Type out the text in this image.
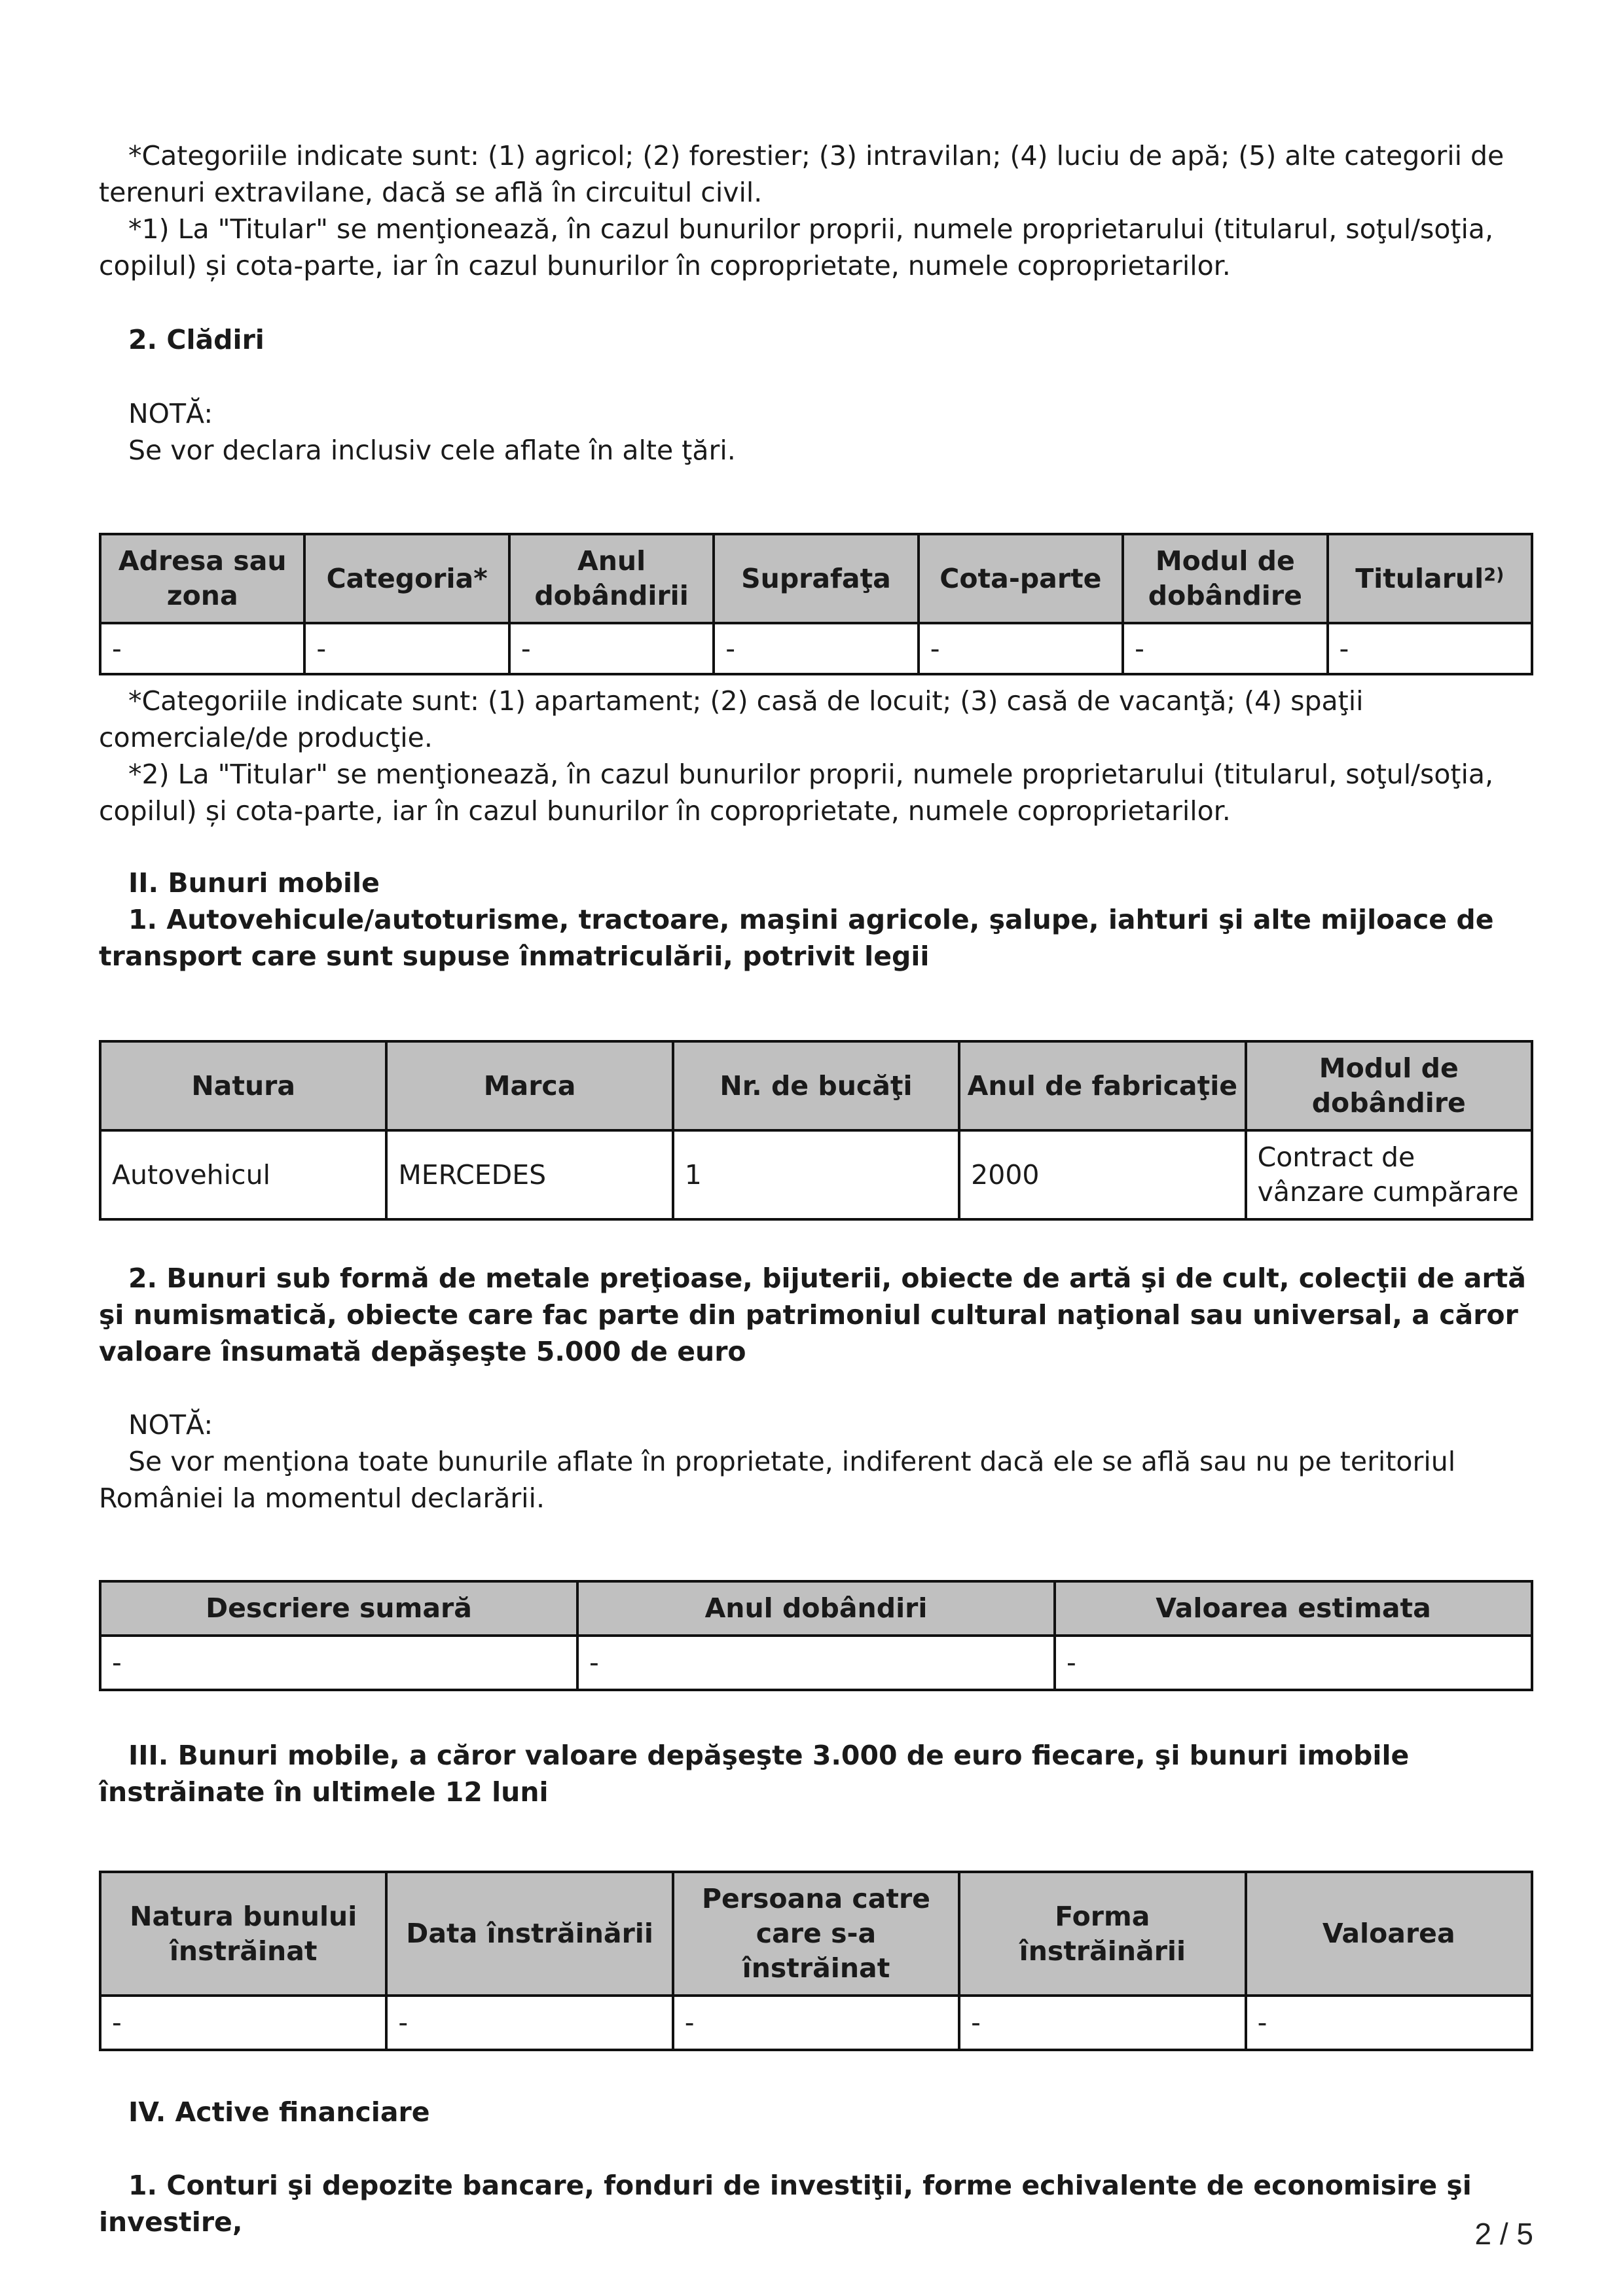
*Categoriile indicate sunt: (1) agricol; (2) forestier; (3) intravilan; (4) luciu de apă; (5) alte categorii de terenuri extravilane, dacă se află în circuitul civil.

*1) La "Titular" se menţionează, în cazul bunurilor proprii, numele proprietarului (titularul, soţul/soţia, copilul) și cota-parte, iar în cazul bunurilor în coproprietate, numele coproprietarilor.

2. Clădiri

NOTĂ:

Se vor declara inclusiv cele aflate în alte ţări.

Adresa sau zona	Categoria*	Anul dobândirii	Suprafaţa	Cota-parte	Modul de dobândire	Titularul$^{2)}$
-	-	-	-	-	-	-

*Categoriile indicate sunt: (1) apartament; (2) casă de locuit; (3) casă de vacanţă; (4) spaţii comerciale/de producţie.

*2) La "Titular" se menţionează, în cazul bunurilor proprii, numele proprietarului (titularul, soţul/soţia, copilul) și cota-parte, iar în cazul bunurilor în coproprietate, numele coproprietarilor.

II. Bunuri mobile

1. Autovehicule/autoturisme, tractoare, maşini agricole, şalupe, iahturi şi alte mijloace de transport care sunt supuse înmatriculării, potrivit legii

Natura	Marca	Nr. de bucăţi	Anul de fabricaţie	Modul de dobândire
Autovehicul	MERCEDES	1	2000	Contract de vânzare cumpărare

2. Bunuri sub formă de metale preţioase, bijuterii, obiecte de artă şi de cult, colecţii de artă şi numismatică, obiecte care fac parte din patrimoniul cultural naţional sau universal, a căror valoare însumată depăşeşte 5.000 de euro

NOTĂ:

Se vor menţiona toate bunurile aflate în proprietate, indiferent dacă ele se află sau nu pe teritoriul României la momentul declarării.

Descriere sumară	Anul dobândiri	Valoarea estimata
-	-	-

III. Bunuri mobile, a căror valoare depăşeşte 3.000 de euro fiecare, şi bunuri imobile înstrăinate în ultimele 12 luni

Natura bunului înstrăinat	Data înstrăinării	Persoana catre care s-a înstrăinat	Forma înstrăinării	Valoarea
-	-	-	-	-

IV. Active financiare

1. Conturi şi depozite bancare, fonduri de investiţii, forme echivalente de economisire şi investire,	2 / 5
